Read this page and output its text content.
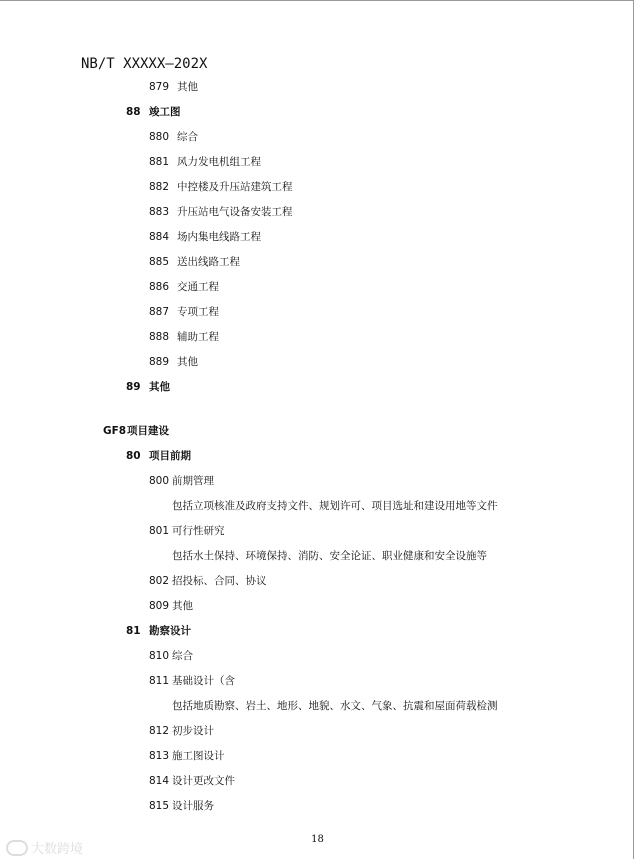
NB/T XXXXX—202X
879 其他
88 竣工图
880 综合
881 风力发电机组工程
882 中控楼及升压站建筑工程
883 升压站电气设备安装工程
884 场内集电线路工程
885 送出线路工程
886 交通工程
887 专项工程
888 辅助工程
889 其他
89 其他
GF8 项目建设
80 项目前期
800 前期管理
包括立项核准及政府支持文件、规划许可、项目选址和建设用地等文件
801 可行性研究
包括水土保持、环境保持、消防、安全论证、职业健康和安全设施等
802 招投标、合同、协议
809 其他
81 勘察设计
810 综合
811 基础设计（含
包括地质勘察、岩土、地形、地貌、水文、气象、抗震和屋面荷载检测
812 初步设计
813 施工图设计
814 设计更改文件
815 设计服务
18
大数跨境
